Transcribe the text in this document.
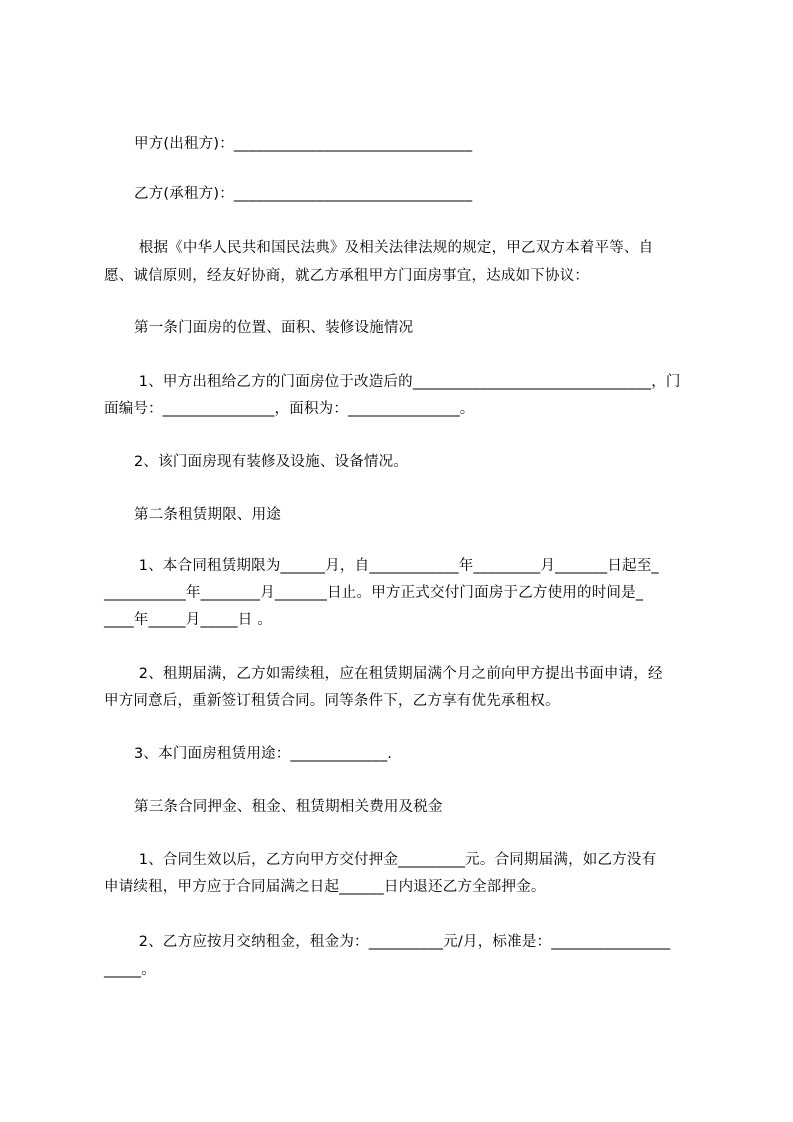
甲方(出租方)：________________________________
乙方(承租方)：________________________________
根据《中华人民共和国民法典》及相关法律法规的规定，甲乙双方本着平等、自
愿、诚信原则，经友好协商，就乙方承租甲方门面房事宜，达成如下协议：
第一条门面房的位置、面积、装修设施情况
1、甲方出租给乙方的门面房位于改造后的________________________________，门
面编号：_______________，面积为：_______________。
2、该门面房现有装修及设施、设备情况。
第二条租赁期限、用途
1、本合同租赁期限为______月，自____________年_________月_______日起至_
___________年________月_______日止。甲方正式交付门面房于乙方使用的时间是_
____年_____月_____日 。
2、租期届满，乙方如需续租，应在租赁期届满个月之前向甲方提出书面申请，经
甲方同意后，重新签订租赁合同。同等条件下，乙方享有优先承租权。
3、本门面房租赁用途：_____________.
第三条合同押金、租金、租赁期相关费用及税金
1、合同生效以后，乙方向甲方交付押金_________元。合同期届满，如乙方没有
申请续租，甲方应于合同届满之日起______日内退还乙方全部押金。
2、乙方应按月交纳租金，租金为：__________元/月，标准是：________________
_____。
